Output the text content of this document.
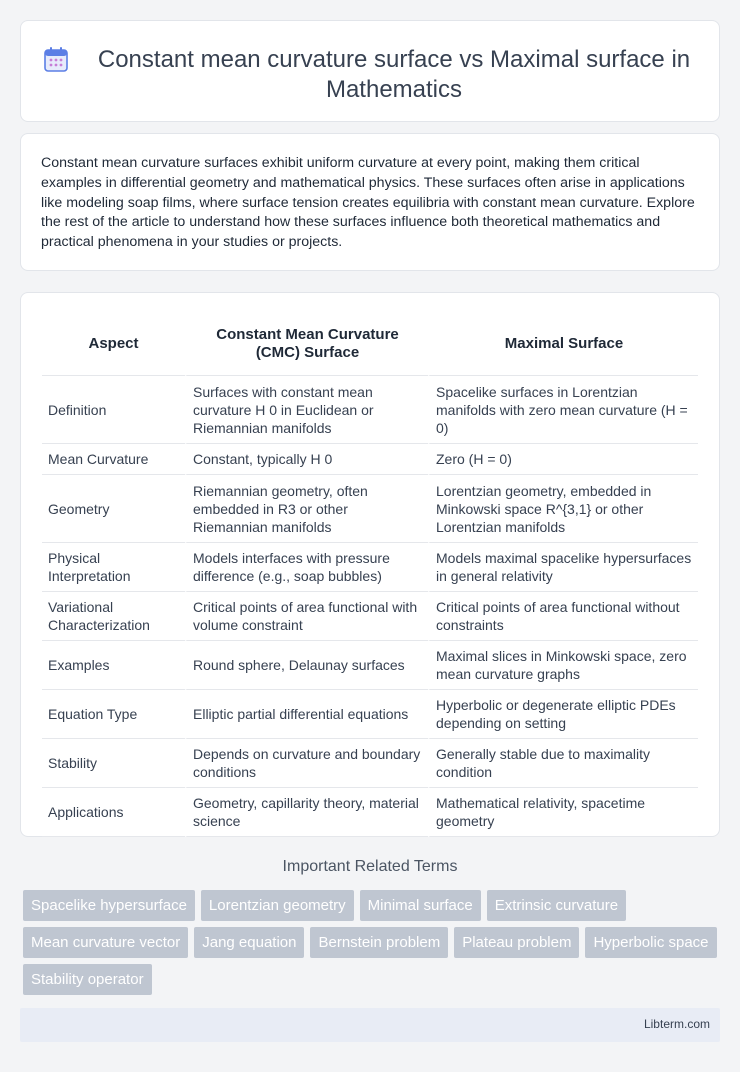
Constant mean curvature surface vs Maximal surface in Mathematics

Constant mean curvature surfaces exhibit uniform curvature at every point, making them critical examples in differential geometry and mathematical physics. These surfaces often arise in applications like modeling soap films, where surface tension creates equilibria with constant mean curvature. Explore the rest of the article to understand how these surfaces influence both theoretical mathematics and practical phenomena in your studies or projects.

Aspect	Constant Mean Curvature (CMC) Surface	Maximal Surface
Definition	Surfaces with constant mean curvature H 0 in Euclidean or Riemannian manifolds	Spacelike surfaces in Lorentzian manifolds with zero mean curvature (H = 0)
Mean Curvature	Constant, typically H 0	Zero (H = 0)
Geometry	Riemannian geometry, often embedded in R3 or other Riemannian manifolds	Lorentzian geometry, embedded in Minkowski space R^{3,1} or other Lorentzian manifolds
Physical Interpretation	Models interfaces with pressure difference (e.g., soap bubbles)	Models maximal spacelike hypersurfaces in general relativity
Variational Characterization	Critical points of area functional with volume constraint	Critical points of area functional without constraints
Examples	Round sphere, Delaunay surfaces	Maximal slices in Minkowski space, zero mean curvature graphs
Equation Type	Elliptic partial differential equations	Hyperbolic or degenerate elliptic PDEs depending on setting
Stability	Depends on curvature and boundary conditions	Generally stable due to maximality condition
Applications	Geometry, capillarity theory, material science	Mathematical relativity, spacetime geometry
Important Related Terms
Spacelike hypersurface	Lorentzian geometry	Minimal surface	Extrinsic curvature
Mean curvature vector	Jang equation	Bernstein problem	Plateau problem	Hyperbolic space
Stability operator
Libterm.com
